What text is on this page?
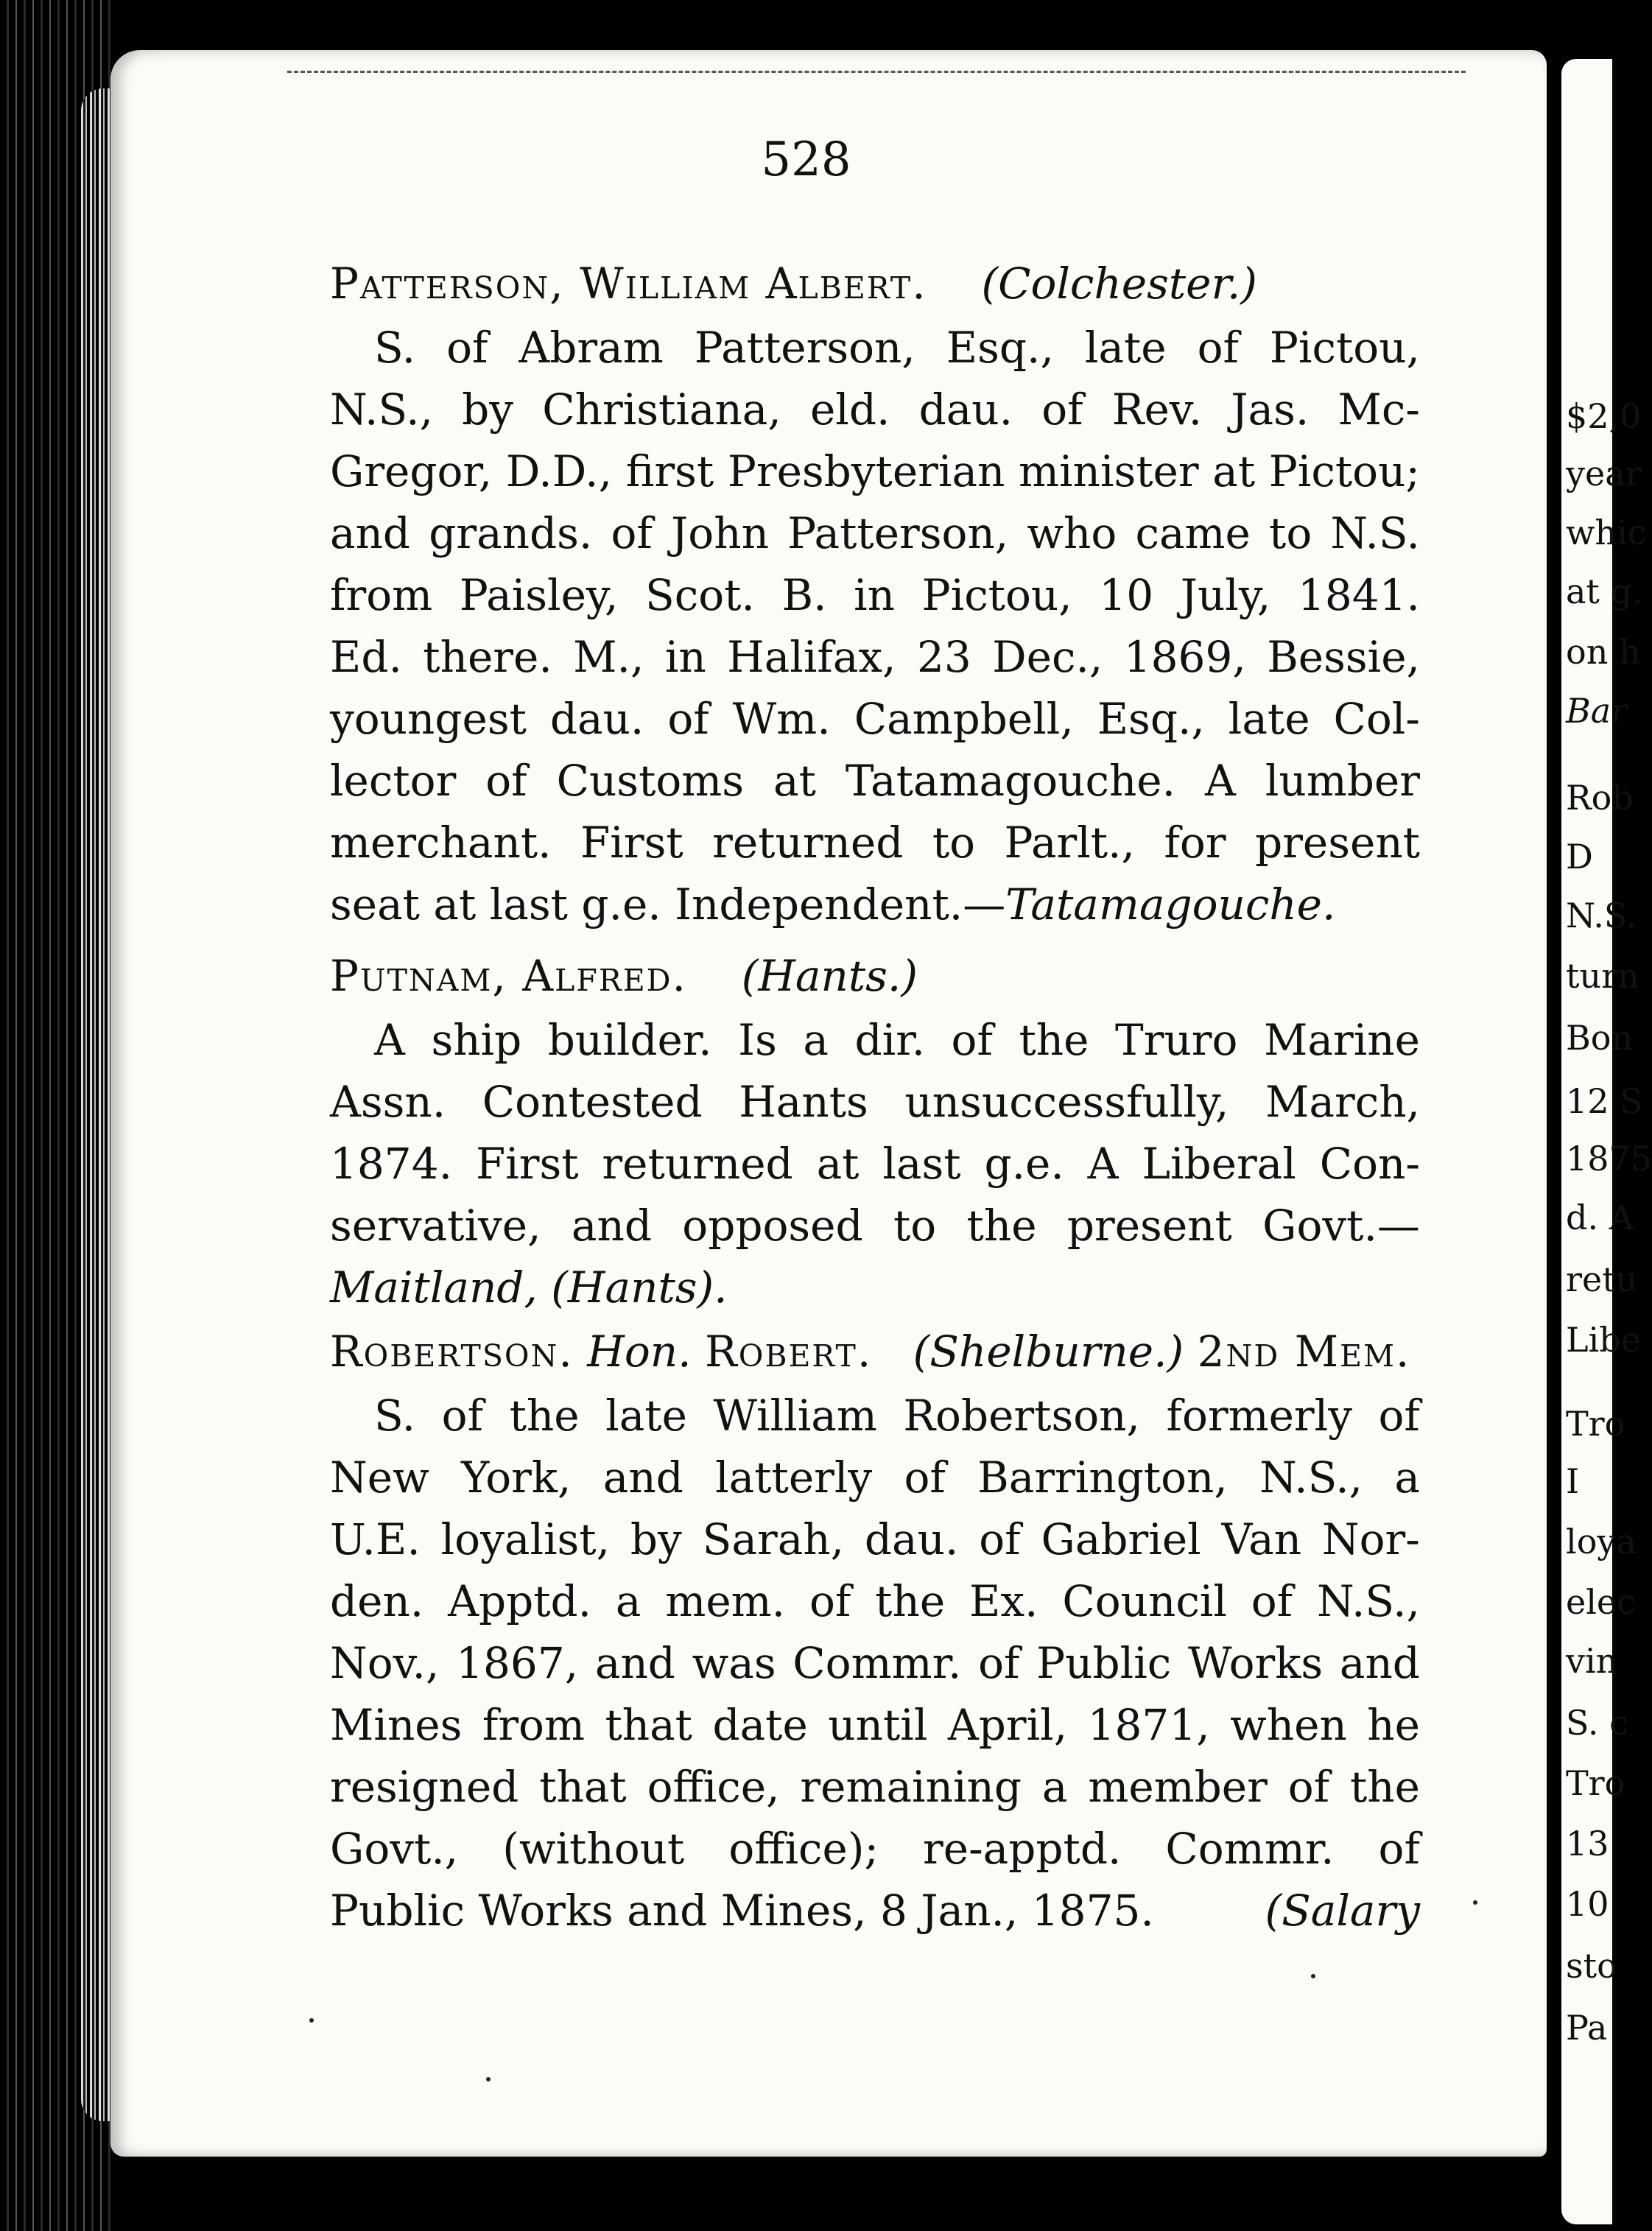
$2,0
year
whic
at g.
on h
Bar
Rob
D
N.S.
turn
Bon
12 S
1875
d. A
retu
Libe
Tro
I
loya
elec
vin
S. c
Tro
13
10
sto
Pa
528
Patterson, William Albert. (Colchester.)
S. of Abram Patterson, Esq., late of Pictou,
N.S., by Christiana, eld. dau. of Rev. Jas. Mc-
Gregor, D.D., first Presbyterian minister at Pictou;
and grands. of John Patterson, who came to N.S.
from Paisley, Scot. B. in Pictou, 10 July, 1841.
Ed. there. M., in Halifax, 23 Dec., 1869, Bessie,
youngest dau. of Wm. Campbell, Esq., late Col-
lector of Customs at Tatamagouche. A lumber
merchant. First returned to Parlt., for present
seat at last g.e. Independent.— Tatamagouche.
Putnam, Alfred. (Hants.)
A ship builder. Is a dir. of the Truro Marine
Assn. Contested Hants unsuccessfully, March,
1874. First returned at last g.e. A Liberal Con-
servative, and opposed to the present Govt.—
Maitland, (Hants).
Robertson. Hon. Robert. (Shelburne.) 2nd Mem.
S. of the late William Robertson, formerly of
New York, and latterly of Barrington, N.S., a
U.E. loyalist, by Sarah, dau. of Gabriel Van Nor-
den. Apptd. a mem. of the Ex. Council of N.S.,
Nov., 1867, and was Commr. of Public Works and
Mines from that date until April, 1871, when he
resigned that office, remaining a member of the
Govt., (without office); re-apptd. Commr. of
Public Works and Mines, 8 Jan., 1875.	(Salary
